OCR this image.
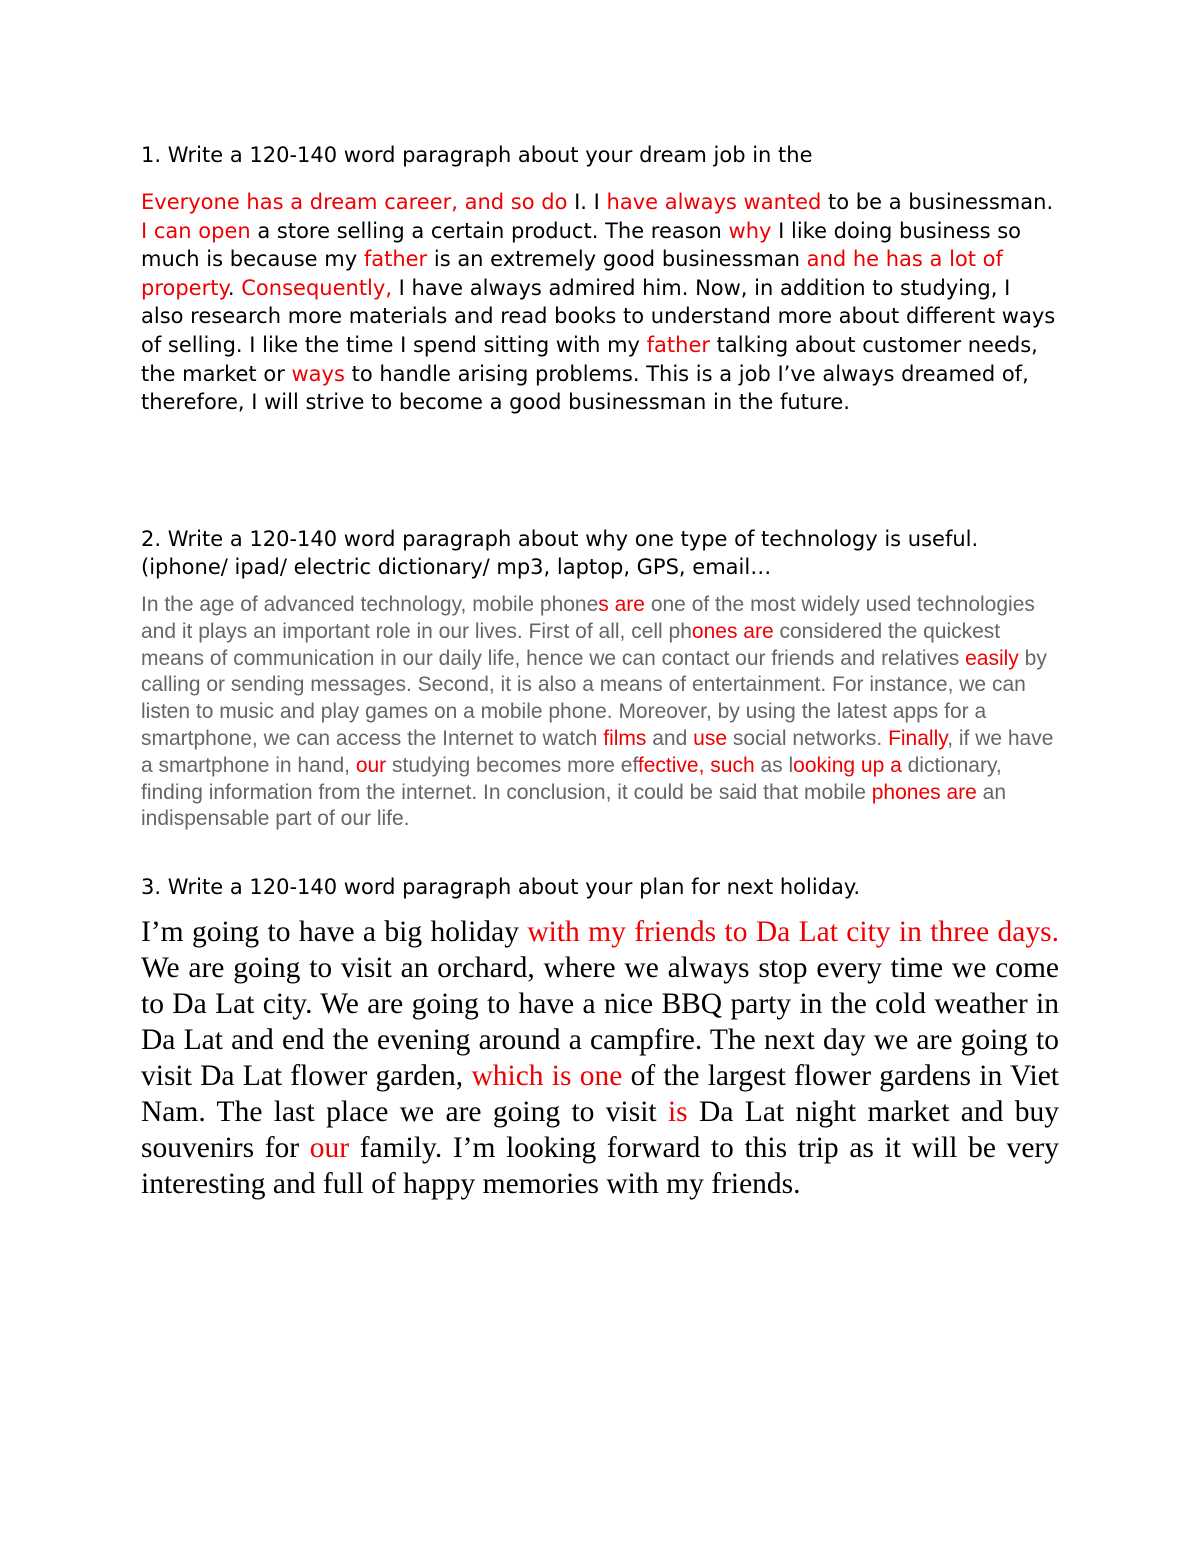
1. Write a 120-140 word paragraph about your dream job in the

Everyone has a dream career, and so do I. I have always wanted to be a businessman. I can open a store selling a certain product. The reason why I like doing business so much is because my father is an extremely good businessman and he has a lot of property. Consequently, I have always admired him. Now, in addition to studying, I also research more materials and read books to understand more about different ways of selling. I like the time I spend sitting with my father talking about customer needs, the market or ways to handle arising problems. This is a job I’ve always dreamed of, therefore, I will strive to become a good businessman in the future.

2. Write a 120-140 word paragraph about why one type of technology is useful. (iphone/ ipad/ electric dictionary/ mp3, laptop, GPS, email…

In the age of advanced technology, mobile phones are one of the most widely used technologies and it plays an important role in our lives. First of all, cell phones are considered the quickest means of communication in our daily life, hence we can contact our friends and relatives easily by calling or sending messages. Second, it is also a means of entertainment. For instance, we can listen to music and play games on a mobile phone. Moreover, by using the latest apps for a smartphone, we can access the Internet to watch films and use social networks. Finally, if we have a smartphone in hand, our studying becomes more effective, such as looking up a dictionary, finding information from the internet. In conclusion, it could be said that mobile phones are an indispensable part of our life.

3. Write a 120-140 word paragraph about your plan for next holiday.

I’m going to have a big holiday with my friends to Da Lat city in three days. We are going to visit an orchard, where we always stop every time we come to Da Lat city. We are going to have a nice BBQ party in the cold weather in Da Lat and end the evening around a campfire. The next day we are going to visit Da Lat flower garden, which is one of the largest flower gardens in Viet Nam. The last place we are going to visit is Da Lat night market and buy souvenirs for our family. I’m looking forward to this trip as it will be very interesting and full of happy memories with my friends.
